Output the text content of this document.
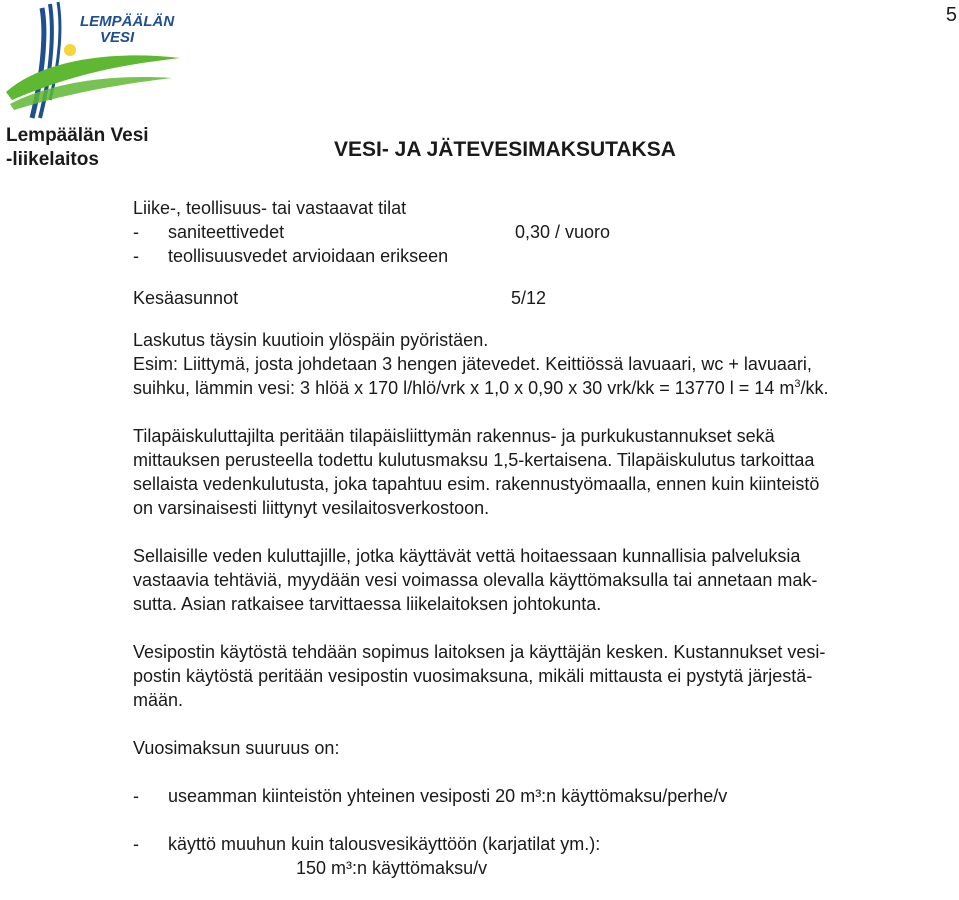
5
LEMPÄÄLÄN
VESI
Lempäälän Vesi
-liikelaitos	VESI- JA JÄTEVESIMAKSUTAKSA

Liike-, teollisuus- tai vastaavat tilat

-	saniteettivedet	0,30 / vuoro
-	teollisuusvedet arvioidaan erikseen
Kesäasunnot	5/12

Laskutus täysin kuutioin ylöspäin pyöristäen.

Esim: Liittymä, josta johdetaan 3 hengen jätevedet. Keittiössä lavuaari, wc + lavuaari,

suihku, lämmin vesi: 3 hlöä x 170 l/hlö/vrk x 1,0 x 0,90 x 30 vrk/kk = 13770 l = 14 $m^3/kk$.

Tilapäiskuluttajilta peritään tilapäisliittymän rakennus- ja purkukustannukset sekä

mittauksen perusteella todettu kulutusmaksu 1,5-kertaisena. Tilapäiskulutus tarkoittaa

sellaista vedenkulutusta, joka tapahtuu esim. rakennustyömaalla, ennen kuin kiinteistö

on varsinaisesti liittynyt vesilaitosverkostoon.

Sellaisille veden kuluttajille, jotka käyttävät vettä hoitaessaan kunnallisia palveluksia

vastaavia tehtäviä, myydään vesi voimassa olevalla käyttömaksulla tai annetaan mak-

sutta. Asian ratkaisee tarvittaessa liikelaitoksen johtokunta.

Vesipostin käytöstä tehdään sopimus laitoksen ja käyttäjän kesken. Kustannukset vesi-

postin käytöstä peritään vesipostin vuosimaksuna, mikäli mittausta ei pystytä järjestä-

mään.

Vuosimaksun suuruus on:

-	useamman kiinteistön yhteinen vesiposti 20 m³:n käyttömaksu/perhe/v
-	käyttö muuhun kuin talousvesikäyttöön (karjatilat ym.):
150 m³:n käyttömaksu/v
